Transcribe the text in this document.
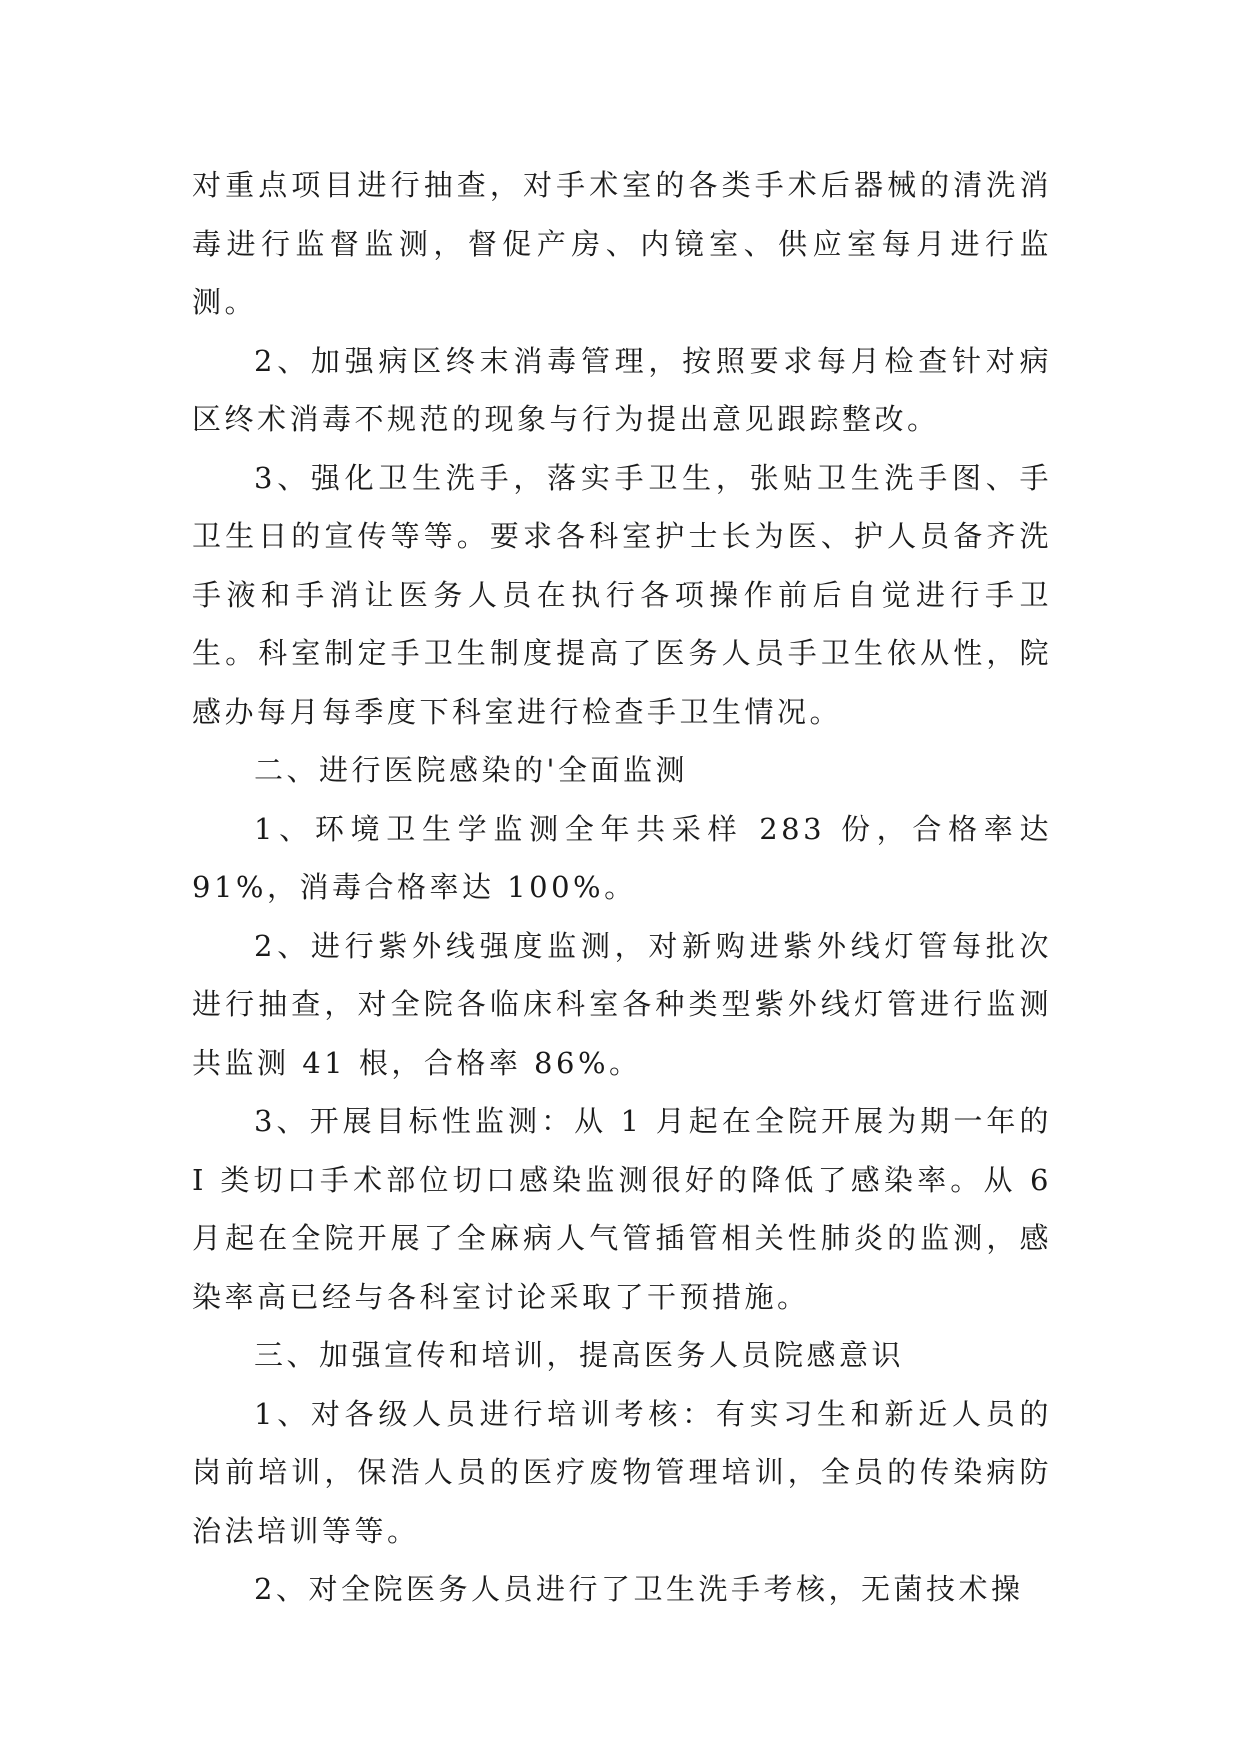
对重点项目进行抽查，对手术室的各类手术后器械的清洗消毒进行监督监测，督促产房、内镜室、供应室每月进行监测。

2、加强病区终末消毒管理，按照要求每月检查针对病区终术消毒不规范的现象与行为提出意见跟踪整改。

3、强化卫生洗手，落实手卫生，张贴卫生洗手图、手卫生日的宣传等等。要求各科室护士长为医、护人员备齐洗手液和手消让医务人员在执行各项操作前后自觉进行手卫生。科室制定手卫生制度提高了医务人员手卫生依从性，院感办每月每季度下科室进行检查手卫生情况。

二、进行医院感染的'全面监测

1、环境卫生学监测全年共采样 283 份，合格率达 91%，消毒合格率达 100%。

2、进行紫外线强度监测，对新购进紫外线灯管每批次进行抽查，对全院各临床科室各种类型紫外线灯管进行监测共监测 41 根，合格率 86%。

3、开展目标性监测：从 1 月起在全院开展为期一年的 I 类切口手术部位切口感染监测很好的降低了感染率。从 6 月起在全院开展了全麻病人气管插管相关性肺炎的监测，感染率高已经与各科室讨论采取了干预措施。

三、加强宣传和培训，提高医务人员院感意识

1、对各级人员进行培训考核：有实习生和新近人员的岗前培训，保浩人员的医疗废物管理培训，全员的传染病防治法培训等等。

2、对全院医务人员进行了卫生洗手考核，无菌技术操
